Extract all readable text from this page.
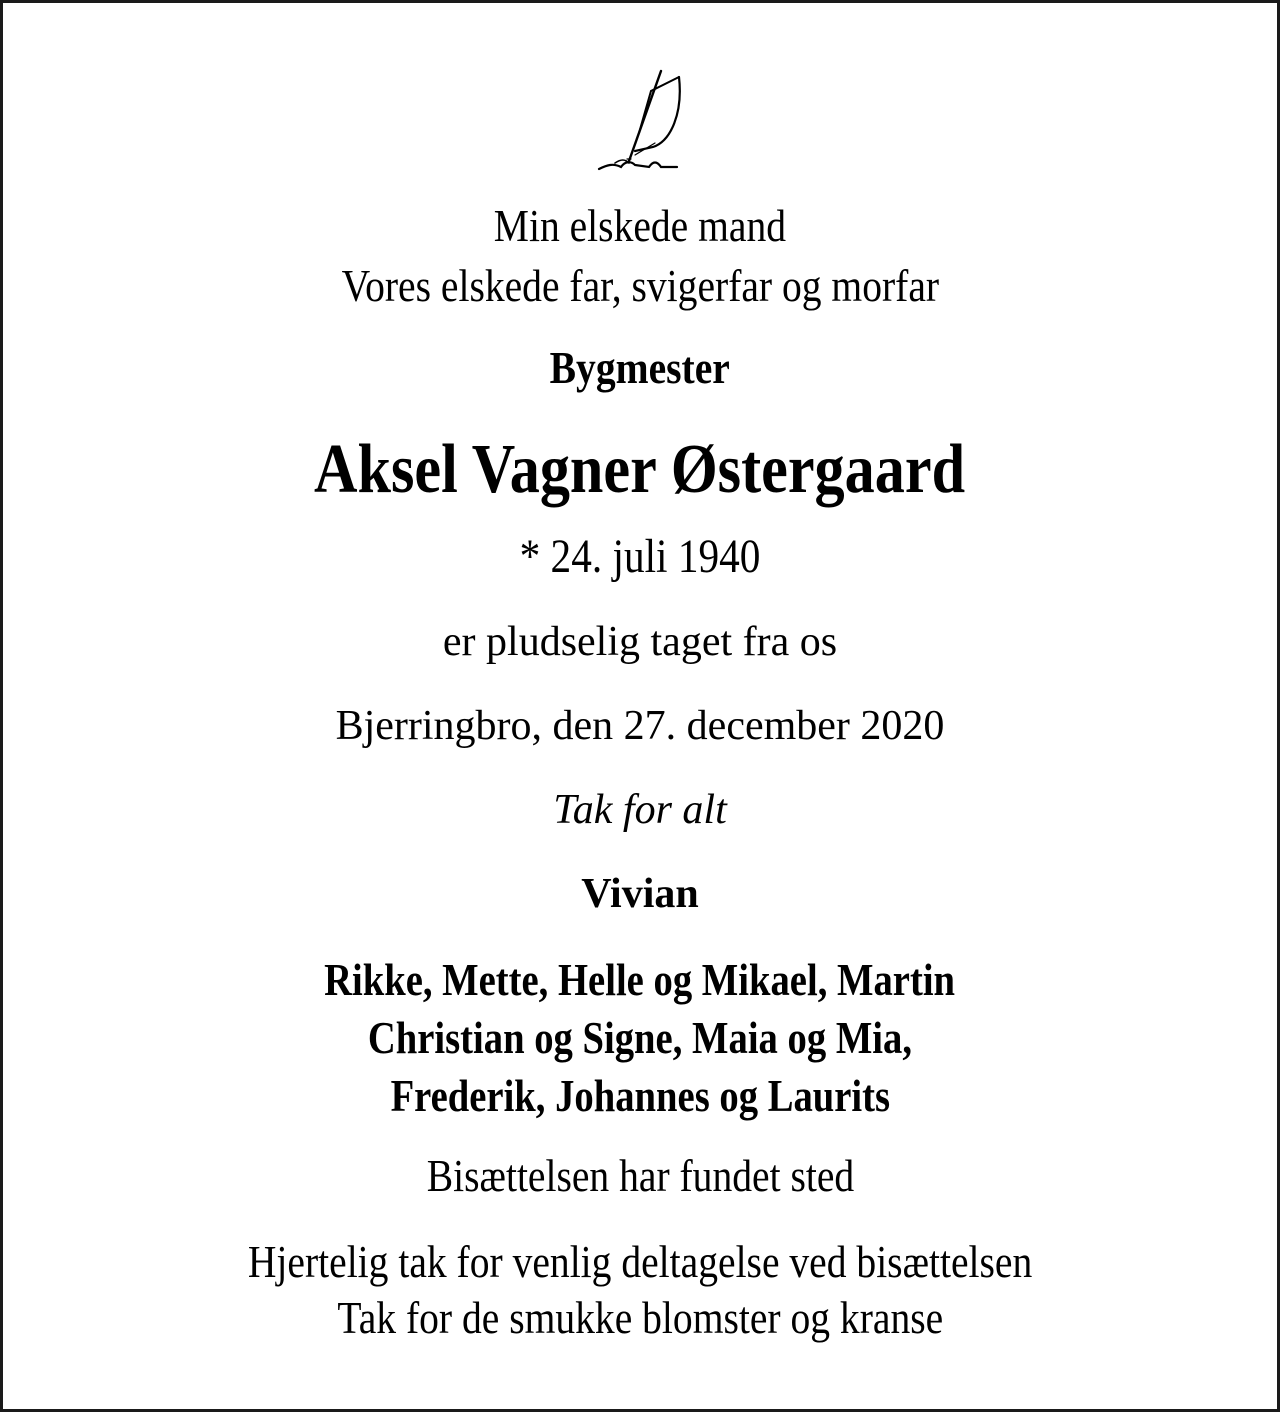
Min elskede mand
Vores elskede far, svigerfar og morfar
Bygmester
Aksel Vagner Østergaard
* 24. juli 1940
er pludselig taget fra os
Bjerringbro, den 27. december 2020
Tak for alt
Vivian
Rikke, Mette, Helle og Mikael, Martin
Christian og Signe, Maia og Mia,
Frederik, Johannes og Laurits
Bisættelsen har fundet sted
Hjertelig tak for venlig deltagelse ved bisættelsen
Tak for de smukke blomster og kranse
